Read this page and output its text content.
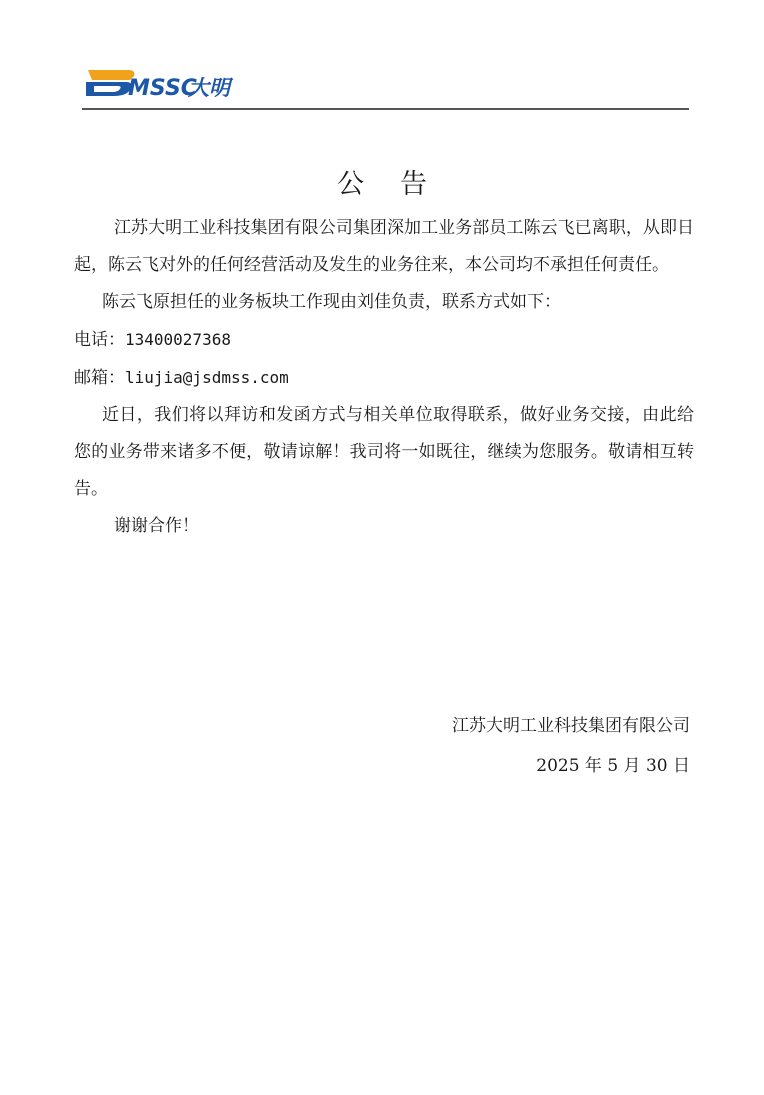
MSSC
大明
公告

江苏大明工业科技集团有限公司集团深加工业务部员工陈云飞已离职，从即日起，陈云飞对外的任何经营活动及发生的业务往来，本公司均不承担任何责任。

陈云飞原担任的业务板块工作现由刘佳负责，联系方式如下：

电话：13400027368

邮箱：liujia@jsdmss.com

近日，我们将以拜访和发函方式与相关单位取得联系，做好业务交接，由此给您的业务带来诸多不便，敬请谅解！我司将一如既往，继续为您服务。敬请相互转告。

谢谢合作！

江苏大明工业科技集团有限公司

2025 年 5 月 30 日
